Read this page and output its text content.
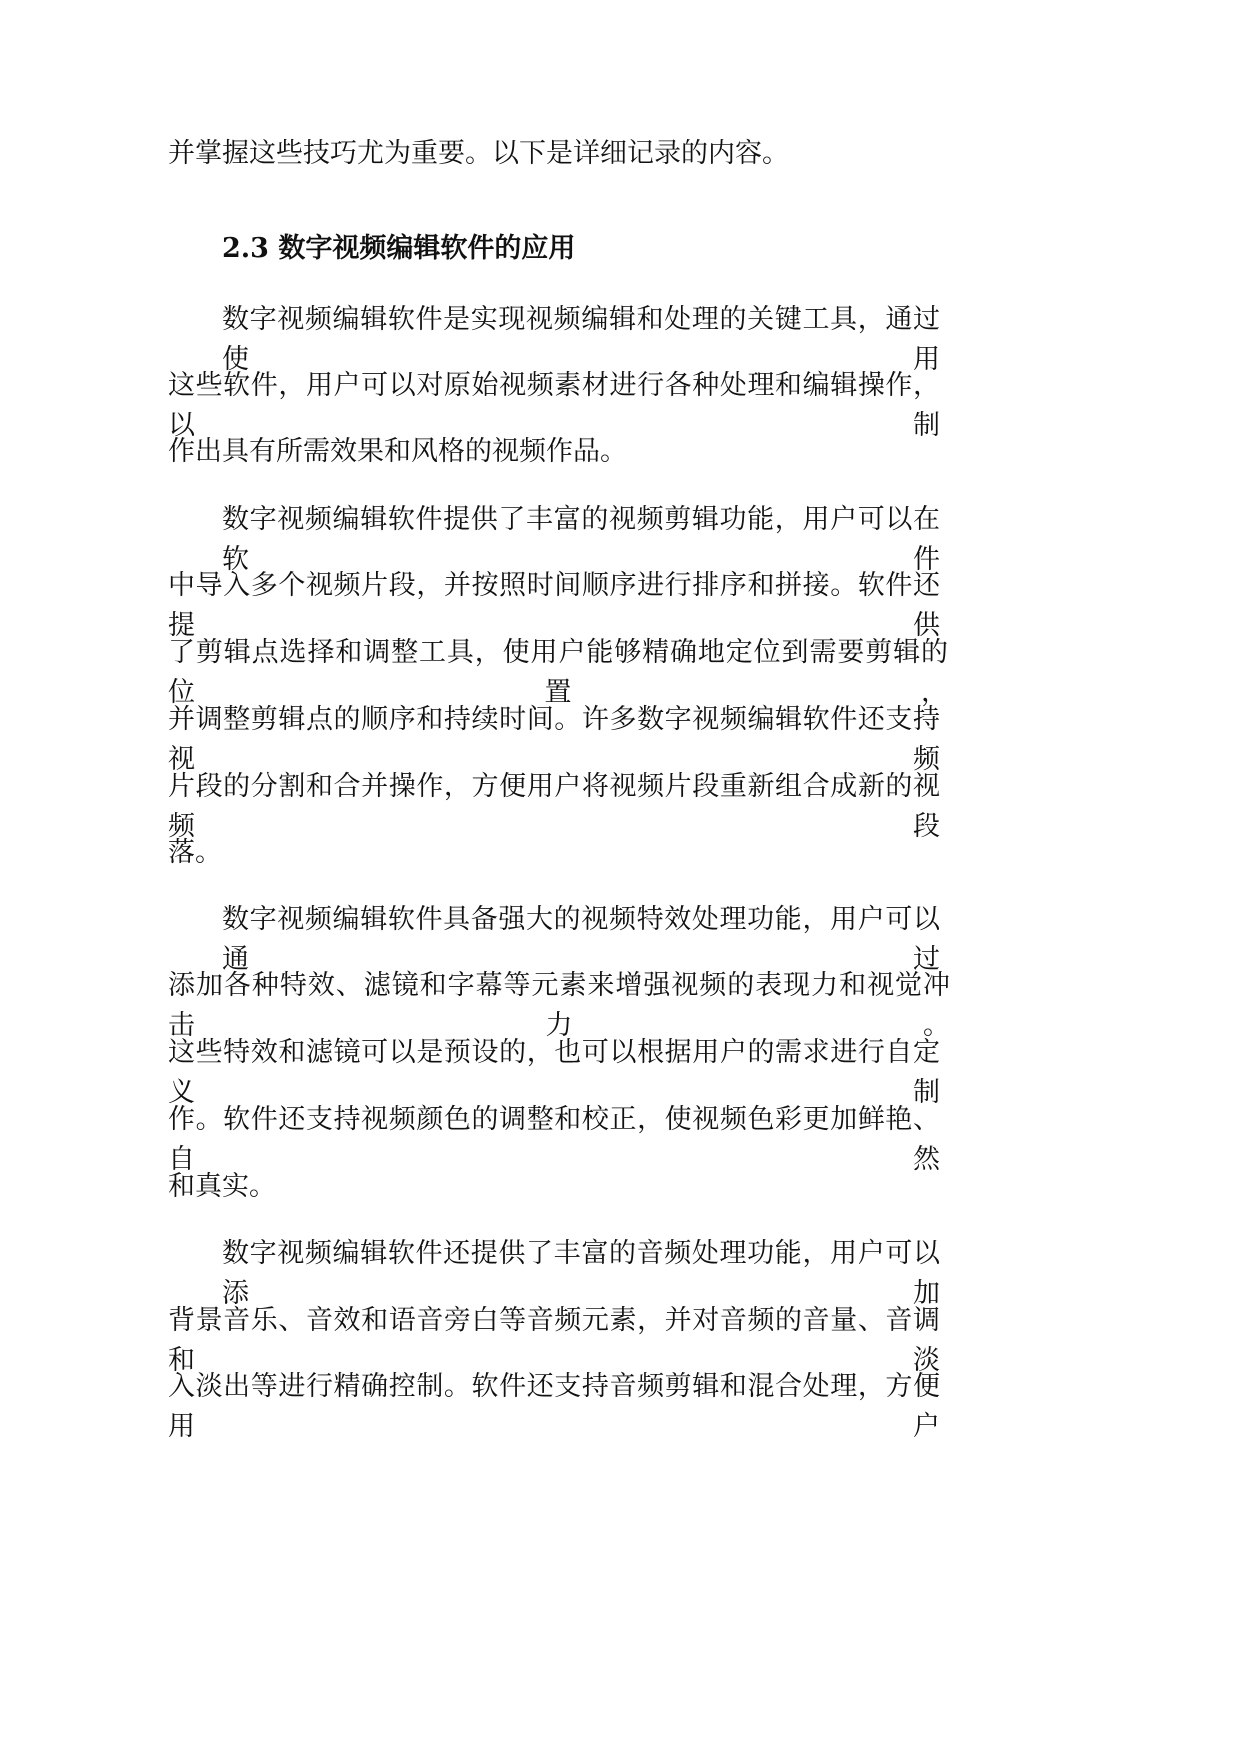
并掌握这些技巧尤为重要。以下是详细记录的内容。
2.3 数字视频编辑软件的应用
数字视频编辑软件是实现视频编辑和处理的关键工具，通过使用
这些软件，用户可以对原始视频素材进行各种处理和编辑操作，以制
作出具有所需效果和风格的视频作品。
数字视频编辑软件提供了丰富的视频剪辑功能，用户可以在软件
中导入多个视频片段，并按照时间顺序进行排序和拼接。软件还提供
了剪辑点选择和调整工具，使用户能够精确地定位到需要剪辑的位置，
并调整剪辑点的顺序和持续时间。许多数字视频编辑软件还支持视频
片段的分割和合并操作，方便用户将视频片段重新组合成新的视频段
落。
数字视频编辑软件具备强大的视频特效处理功能，用户可以通过
添加各种特效、滤镜和字幕等元素来增强视频的表现力和视觉冲击力。
这些特效和滤镜可以是预设的，也可以根据用户的需求进行自定义制
作。软件还支持视频颜色的调整和校正，使视频色彩更加鲜艳、自然
和真实。
数字视频编辑软件还提供了丰富的音频处理功能，用户可以添加
背景音乐、音效和语音旁白等音频元素，并对音频的音量、音调和淡
入淡出等进行精确控制。软件还支持音频剪辑和混合处理，方便用户
